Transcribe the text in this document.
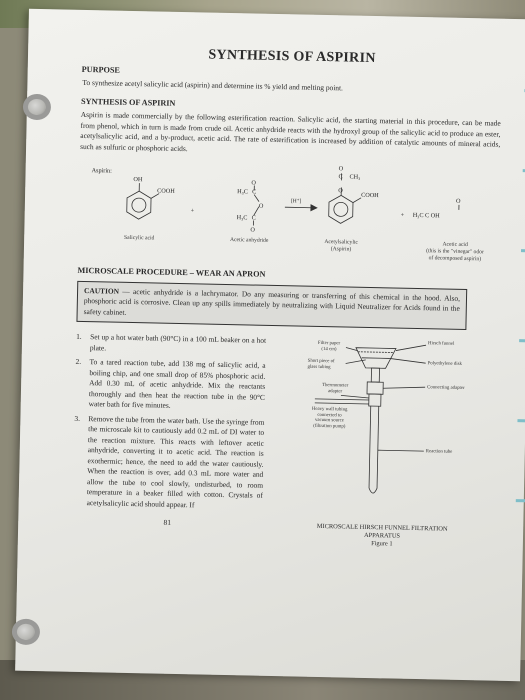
SYNTHESIS OF ASPIRIN
PURPOSE
To synthesize acetyl salicylic acid (aspirin) and determine its % yield and melting point.
SYNTHESIS OF ASPIRIN
Aspirin is made commercially by the following esterification reaction. Salicylic acid, the starting material in this procedure, can be made from phenol, which in turn is made from crude oil. Acetic anhydride reacts with the hydroxyl group of the salicylic acid to produce an ester, acetylsalicylic acid, and a by-product, acetic acid. The rate of esterification is increased by addition of catalytic amounts of mineral acids, such as sulfuric or phosphoric acids.
Aspirin:
OH
COOH
+
O
H₃C C
O
H₃C C
O
[H⁺]
O
C CH₃
O
COOH
+
O
H₃C C OH
Salicylic acid	Acetic anhydride	Acetylsalicylic
(Aspirin)
Acetic acid
(this is the "vinegar" odor
of decomposed aspirin)
MICROSCALE PROCEDURE – WEAR AN APRON
CAUTION — acetic anhydride is a lachrymator. Do any measuring or transferring of this chemical in the hood. Also, phosphoric acid is corrosive. Clean up any spills immediately by neutralizing with Liquid Neutralizer for Acids found in the safety cabinet.
1.	Set up a hot water bath (90°C) in a 100 mL beaker on a hot plate.
2.	To a tared reaction tube, add 138 mg of salicylic acid, a boiling chip, and one small drop of 85% phosphoric acid. Add 0.30 mL of acetic anhydride. Mix the reactants thoroughly and then heat the reaction tube in the 90°C water bath for five minutes.
3.	Remove the tube from the water bath. Use the syringe from the microscale kit to cautiously add 0.2 mL of DI water to the reaction mixture. This reacts with leftover acetic anhydride, converting it to acetic acid. The reaction is exothermic; hence, the need to add the water cautiously. When the reaction is over, add 0.3 mL more water and allow the tube to cool slowly, undisturbed, to room temperature in a beaker filled with cotton. Crystals of acetylsalicylic acid should appear. If
81
Filter paper
(14 cm)
Short piece of
glass tubing
Hirsch funnel
Polyethylene disk
Connecting adapter
Thermometer
adapter
Heavy wall tubing
connected to
vacuum source
(filtration pump)
Reaction tube
MICROSCALE HIRSCH FUNNEL FILTRATION
APPARATUS
Figure 1
